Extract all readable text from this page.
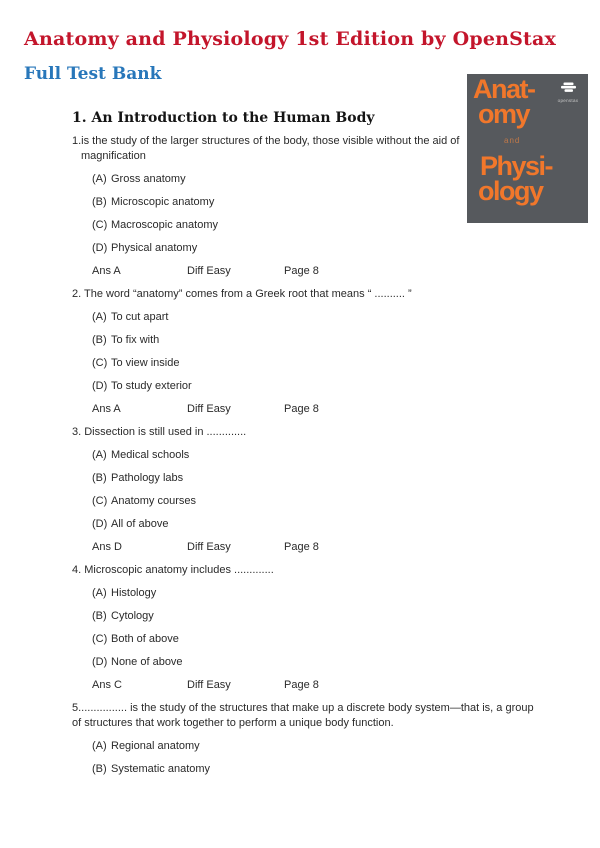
Anatomy and Physiology 1st Edition by OpenStax
Full Test Bank
openstax
Anat-
omy
and
Physi-
ology
1. An Introduction to the Human Body

1.is the study of the larger structures of the body, those visible without the aid of magnification

(A) Gross anatomy
(B) Microscopic anatomy
(C) Macroscopic anatomy
(D) Physical anatomy
Ans A	Diff Easy	Page 8

2. The word “anatomy” comes from a Greek root that means “ .......... ”

(A) To cut apart
(B) To fix with
(C) To view inside
(D) To study exterior
Ans A	Diff Easy	Page 8

3. Dissection is still used in .............

(A) Medical schools
(B) Pathology labs
(C) Anatomy courses
(D) All of above
Ans D	Diff Easy	Page 8

4. Microscopic anatomy includes .............

(A) Histology
(B) Cytology
(C) Both of above
(D) None of above
Ans C	Diff Easy	Page 8

5................ is the study of the structures that make up a discrete body system—that is, a group of structures that work together to perform a unique body function.

(A) Regional anatomy
(B) Systematic anatomy
